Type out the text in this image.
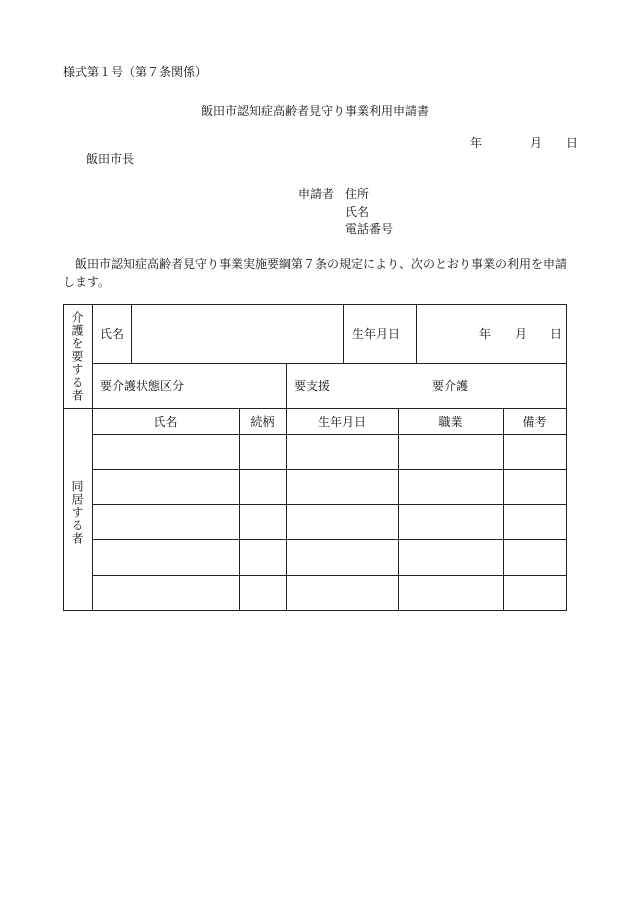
様式第１号（第７条関係）
飯田市認知症高齢者見守り事業利用申請書
年	月 日
飯田市長
申請者 住所
氏名
電話番号
飯田市認知症高齢者見守り事業実施要綱第７条の規定により、次のとおり事業の利用を申請します。
介護を要する者 氏名	生年月日	年 月 日
要介護状態区分	要支援	要介護
同居する者
氏名	続柄	生年月日	職業	備考
